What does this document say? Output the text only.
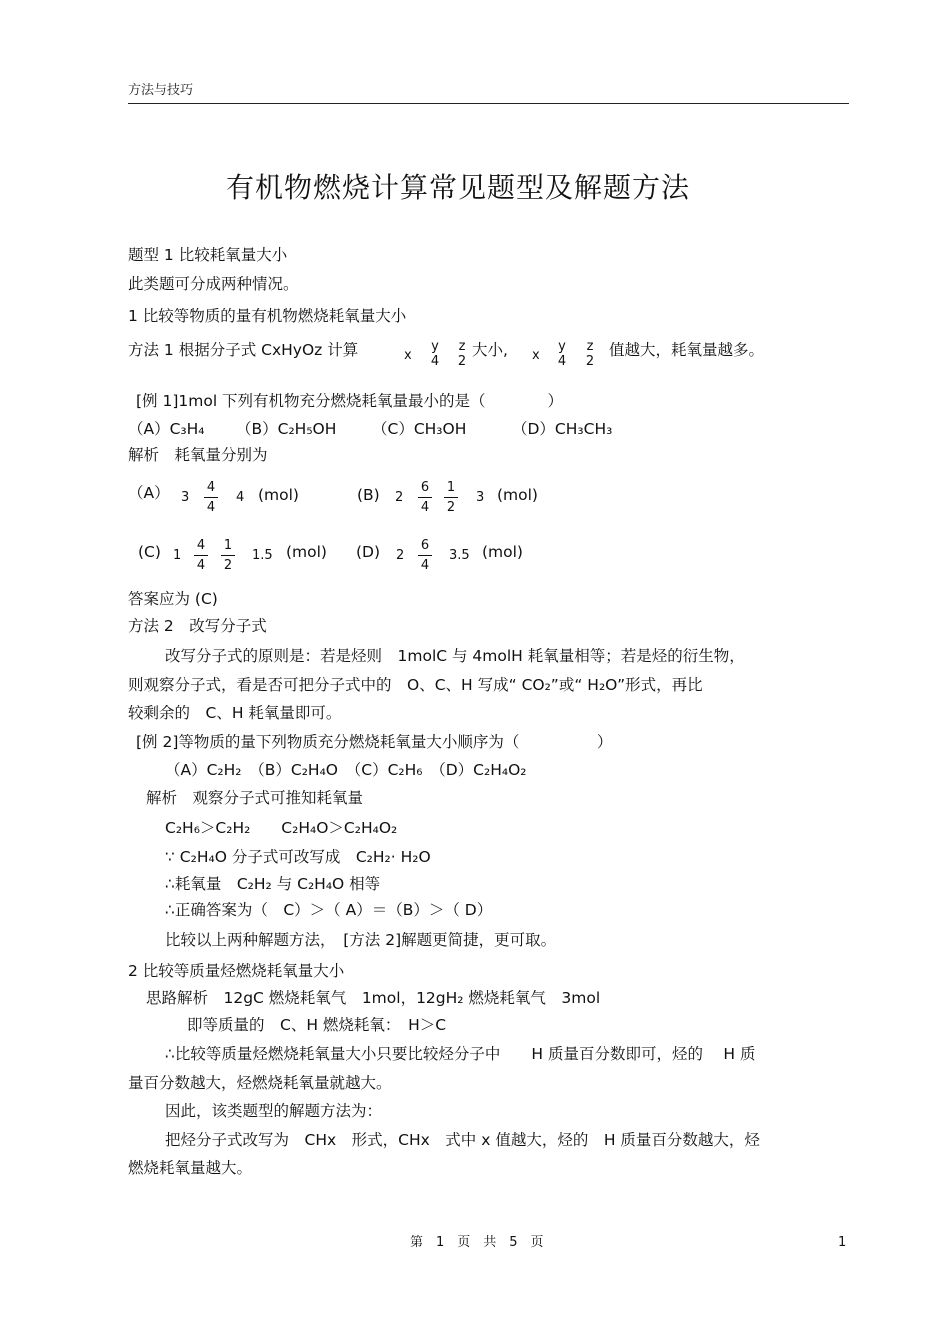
方法与技巧
有机物燃烧计算常见题型及解题方法
题型 1 比较耗氧量大小
此类题可分成两种情况。
1 比较等物质的量有机物燃烧耗氧量大小
方法 1 根据分子式 CxHyOz 计算	x
y
4
z
2
大小, x
y
4
z
2
值越大，耗氧量越多。
[例 1]1mol 下列有机物充分燃烧耗氧量最小的是（　　　　）
（A）C₃H₄ （B）C₂H₅OH （C）CH₃OH	（D）CH₃CH₃
解析　耗氧量分别为
（A） 3
4
4
4 (mol)	(B) 2
6
4
1
2
3 (mol)
(C) 1
4
4
1
2
1.5 (mol) (D) 2
6
4
3.5 (mol)
答案应为 (C)
方法 2　改写分子式
改写分子式的原则是：若是烃则　1molC 与 4molH 耗氧量相等；若是烃的衍生物，
则观察分子式，看是否可把分子式中的　O、C、H 写成“ CO₂”或“ H₂O”形式，再比
较剩余的　C、H 耗氧量即可。
[例 2]等物质的量下列物质充分燃烧耗氧量大小顺序为（　　　　　）
（A）C₂H₂　（B）C₂H₄O　（C）C₂H₆　（D）C₂H₄O₂
解析　观察分子式可推知耗氧量
C₂H₆＞C₂H₂　　C₂H₄O＞C₂H₄O₂
∵ C₂H₄O 分子式可改写成　C₂H₂· H₂O
∴耗氧量　C₂H₂ 与 C₂H₄O 相等
∴正确答案为（　C）＞（ A）＝（B）＞（ D）
比较以上两种解题方法，　[方法 2]解题更简捷，更可取。
2 比较等质量烃燃烧耗氧量大小
思路解析　12gC 燃烧耗氧气　1mol，12gH₂ 燃烧耗氧气　3mol
即等质量的　C、H 燃烧耗氧：　H＞C
∴比较等质量烃燃烧耗氧量大小只要比较烃分子中　　H 质量百分数即可，烃的　 H 质
量百分数越大，烃燃烧耗氧量就越大。
因此，该类题型的解题方法为：
把烃分子式改写为　CHx　形式，CHx　式中 x 值越大，烃的　H 质量百分数越大，烃
燃烧耗氧量越大。
第　1　页　共　5　页	1
